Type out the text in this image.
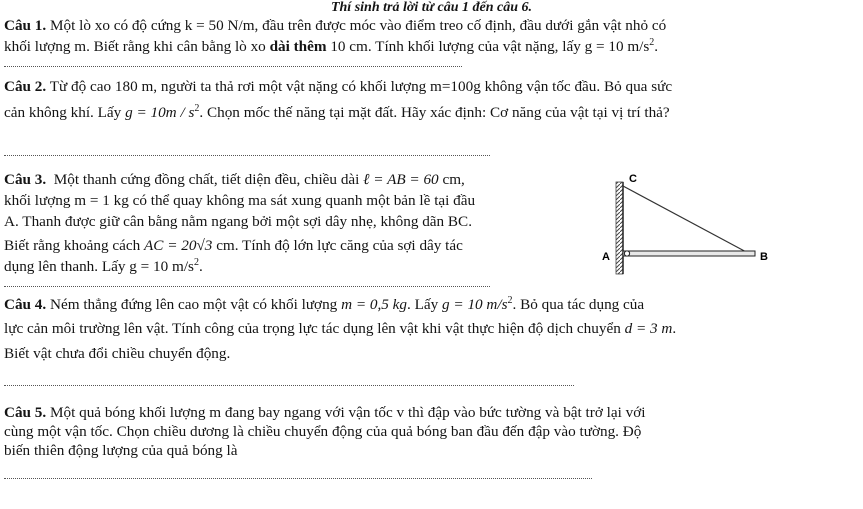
Thí sinh trả lời từ câu 1 đến câu 6.
Câu 1. Một lò xo có độ cứng k = 50 N/m, đầu trên được móc vào điểm treo cố định, đầu dưới gắn vật nhỏ có
khối lượng m. Biết rằng khi cân bằng lò xo dài thêm 10 cm. Tính khối lượng của vật nặng, lấy g = 10 $m/s^2$.
Câu 2. Từ độ cao 180 m, người ta thả rơi một vật nặng có khối lượng m=100g không vận tốc đầu. Bỏ qua sức
cản không khí. Lấy $g = 10m / s^2$. Chọn mốc thế năng tại mặt đất. Hãy xác định: Cơ năng của vật tại vị trí thả?
Câu 3. Một thanh cứng đồng chất, tiết diện đều, chiều dài ℓ = AB = 60 cm,
khối lượng m = 1 kg có thể quay không ma sát xung quanh một bản lề tại đầu
A. Thanh được giữ cân bằng nằm ngang bởi một sợi dây nhẹ, không dãn BC.
Biết rằng khoảng cách AC = 20√3 cm. Tính độ lớn lực căng của sợi dây tác
dụng lên thanh. Lấy g = 10 $m/s^2$.
C
A	B
Câu 4. Ném thẳng đứng lên cao một vật có khối lượng m = 0,5 kg. Lấy g = 10 $m/s^2$. Bỏ qua tác dụng của
lực cản môi trường lên vật. Tính công của trọng lực tác dụng lên vật khi vật thực hiện độ dịch chuyển d = 3 m.
Biết vật chưa đổi chiều chuyển động.
Câu 5. Một quả bóng khối lượng m đang bay ngang với vận tốc v thì đập vào bức tường và bật trở lại với
cùng một vận tốc. Chọn chiều dương là chiều chuyển động của quả bóng ban đầu đến đập vào tường. Độ
biến thiên động lượng của quả bóng là
